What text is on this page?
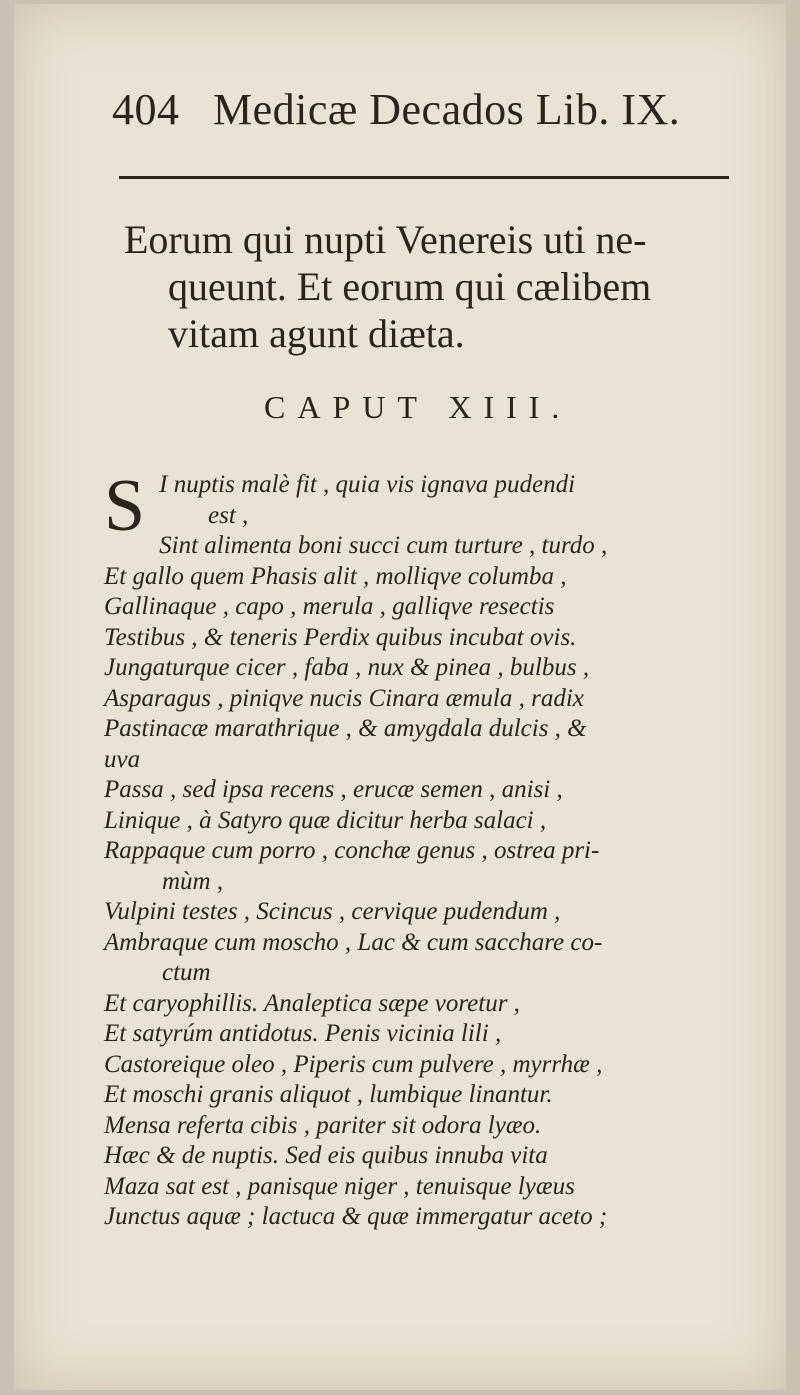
404 Medicæ Decados Lib. IX.
Eorum qui nupti Venereis uti ne-
queunt. Et eorum qui cælibem
vitam agunt diæta.
CAPUT XIII.
S I nuptis malè fit , quia vis ignava pudendi
est ,
Sint alimenta boni succi cum turture , turdo ,
Et gallo quem Phasis alit , molliqve columba ,
Gallinaque , capo , merula , galliqve resectis
Testibus , & teneris Perdix quibus incubat ovis.
Jungaturque cicer , faba , nux & pinea , bulbus ,
Asparagus , piniqve nucis Cinara æmula , radix
Pastinacæ marathrique , & amygdala dulcis , &
uva
Passa , sed ipsa recens , erucæ semen , anisi ,
Linique , à Satyro quæ dicitur herba salaci ,
Rappaque cum porro , conchæ genus , ostrea pri-
mùm ,
Vulpini testes , Scincus , cervique pudendum ,
Ambraque cum moscho , Lac & cum sacchare co-
ctum
Et caryophillis. Analeptica sæpe voretur ,
Et satyrúm antidotus. Penis vicinia lili ,
Castoreique oleo , Piperis cum pulvere , myrrhæ ,
Et moschi granis aliquot , lumbique linantur.
Mensa referta cibis , pariter sit odora lyæo.
Hæc & de nuptis. Sed eis quibus innuba vita
Maza sat est , panisque niger , tenuisque lyæus
Junctus aquæ ; lactuca & quæ immergatur aceto ;
